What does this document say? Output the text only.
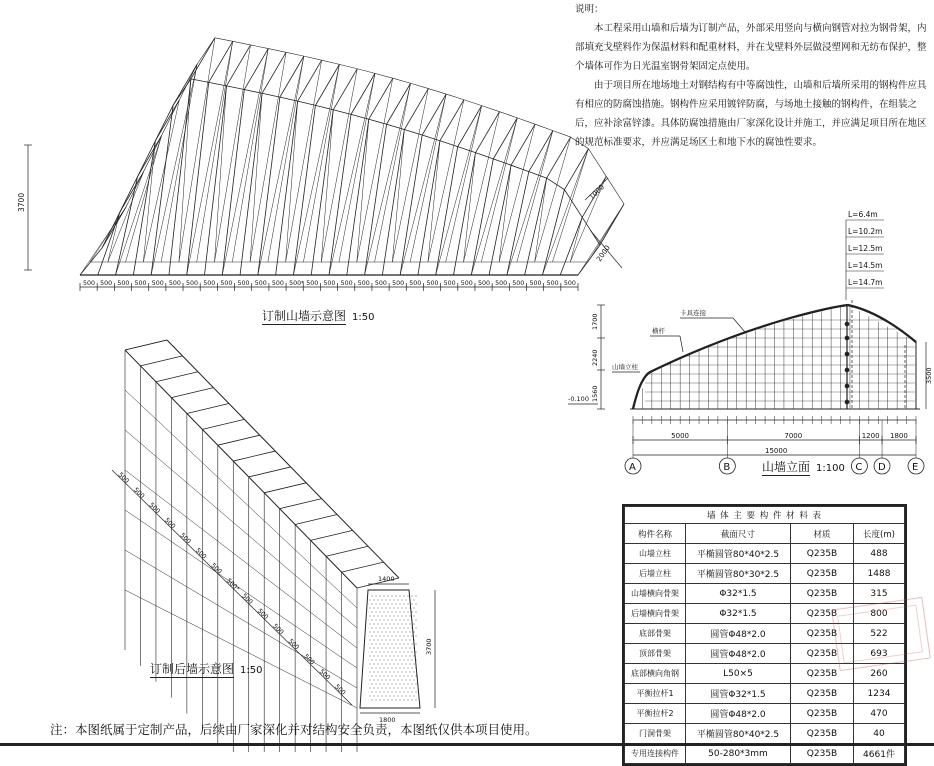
3700
500 500 500 500 500 500 500 500 500 500 500 500 500* 500 500 500 500 500 500 500 500 500 500 500 500 500 500 500 500
2000
1000
500
500
500
500
500
500
500
500*
500
500
500
500
500
500
500
1400
1800
3700
L=6.4m
L=10.2m
L=12.5m
L=14.5m
L=14.7m
卡具连接
横杆
山墙立柱
1700
2240
1560
-0.100
3500
5000	7000	1200 1800
15000
A	B	C D	E

说明：

本工程采用山墙和后墙为订制产品，外部采用竖向与横向钢管对拉为钢骨架，内部填充戈壁料作为保温材料和配重材料，并在戈壁料外层做浸塑网和无纺布保护，整个墙体可作为日光温室钢骨架固定点使用。

由于项目所在地场地土对钢结构有中等腐蚀性，山墙和后墙所采用的钢构件应具有相应的防腐蚀措施。钢构件应采用镀锌防腐，与场地土接触的钢构件，在组装之后，应补涂富锌漆。具体防腐蚀措施由厂家深化设计并施工，并应满足项目所在地区的规范标准要求，并应满足场区土和地下水的腐蚀性要求。

订制山墙示意图 1:50
订制后墙示意图 1:50
山墙立面 1:100
墙 体 主 要 构 件 材 料 表			
构件名称	截面尺寸	材质	长度(m)
山墙立柱	平椭圆管80*40*2.5	Q235B	488
后墙立柱	平椭圆管80*30*2.5	Q235B	1488
山墙横向骨架	Φ32*1.5	Q235B	315
后墙横向骨架	Φ32*1.5	Q235B	800
底部骨架	圆管Φ48*2.0	Q235B	522
顶部骨架	圆管Φ48*2.0	Q235B	693
底部横向角钢	L50×5	Q235B	260
平衡拉杆1	圆管Φ32*1.5	Q235B	1234
平衡拉杆2	圆管Φ48*2.0	Q235B	470
门洞骨架	平椭圆管80*40*2.5	Q235B	40
专用连接构件	50-280*3mm	Q235B	4661件
注：本图纸属于定制产品，后续由厂家深化并对结构安全负责，本图纸仅供本项目使用。
